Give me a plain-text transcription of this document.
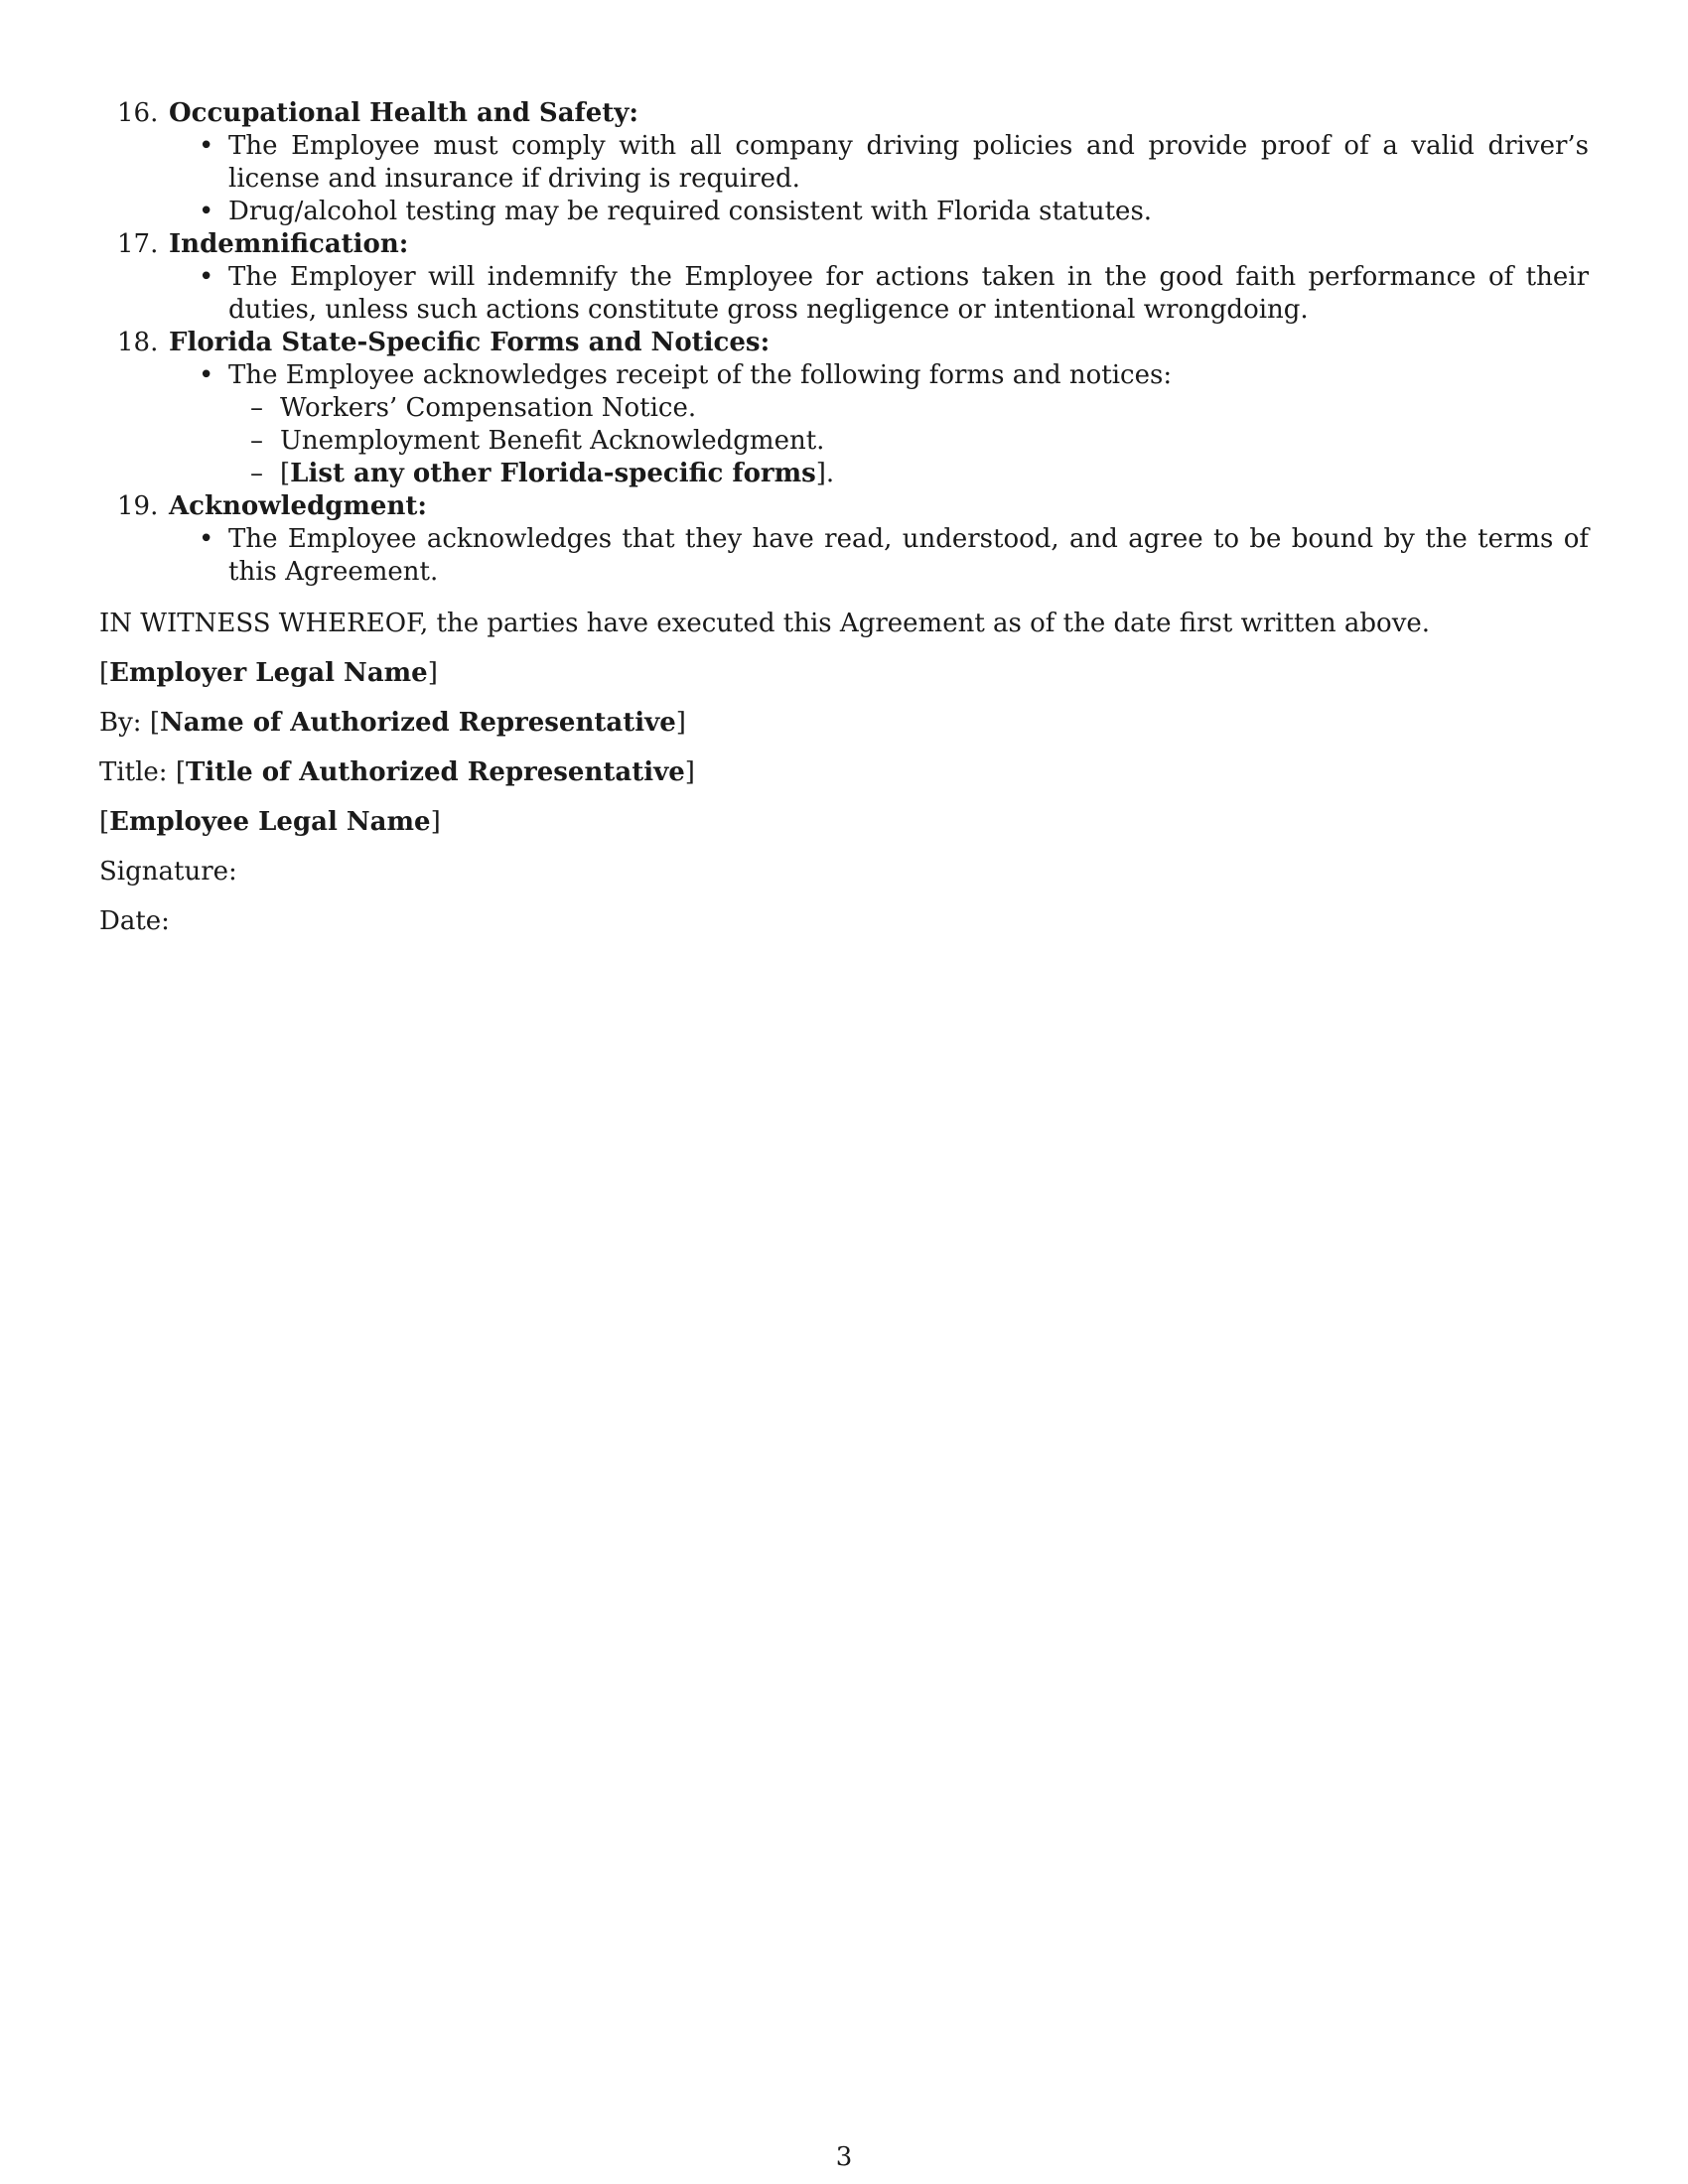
16. Occupational Health and Safety:
• The Employee must comply with all company driving policies and provide proof of a valid driver’s license and insurance if driving is required.
• Drug/alcohol testing may be required consistent with Florida statutes.
17. Indemnification:
• The Employer will indemnify the Employee for actions taken in the good faith performance of their duties, unless such actions constitute gross negligence or intentional wrongdoing.
18. Florida State-Specific Forms and Notices:
• The Employee acknowledges receipt of the following forms and notices:
– Workers’ Compensation Notice.
– Unemployment Benefit Acknowledgment.
– [List any other Florida-specific forms].
19. Acknowledgment:
• The Employee acknowledges that they have read, understood, and agree to be bound by the terms of this Agreement.

IN WITNESS WHEREOF, the parties have executed this Agreement as of the date first written above.

[Employer Legal Name]

By: [Name of Authorized Representative]

Title: [Title of Authorized Representative]

[Employee Legal Name]

Signature:

Date:

3
